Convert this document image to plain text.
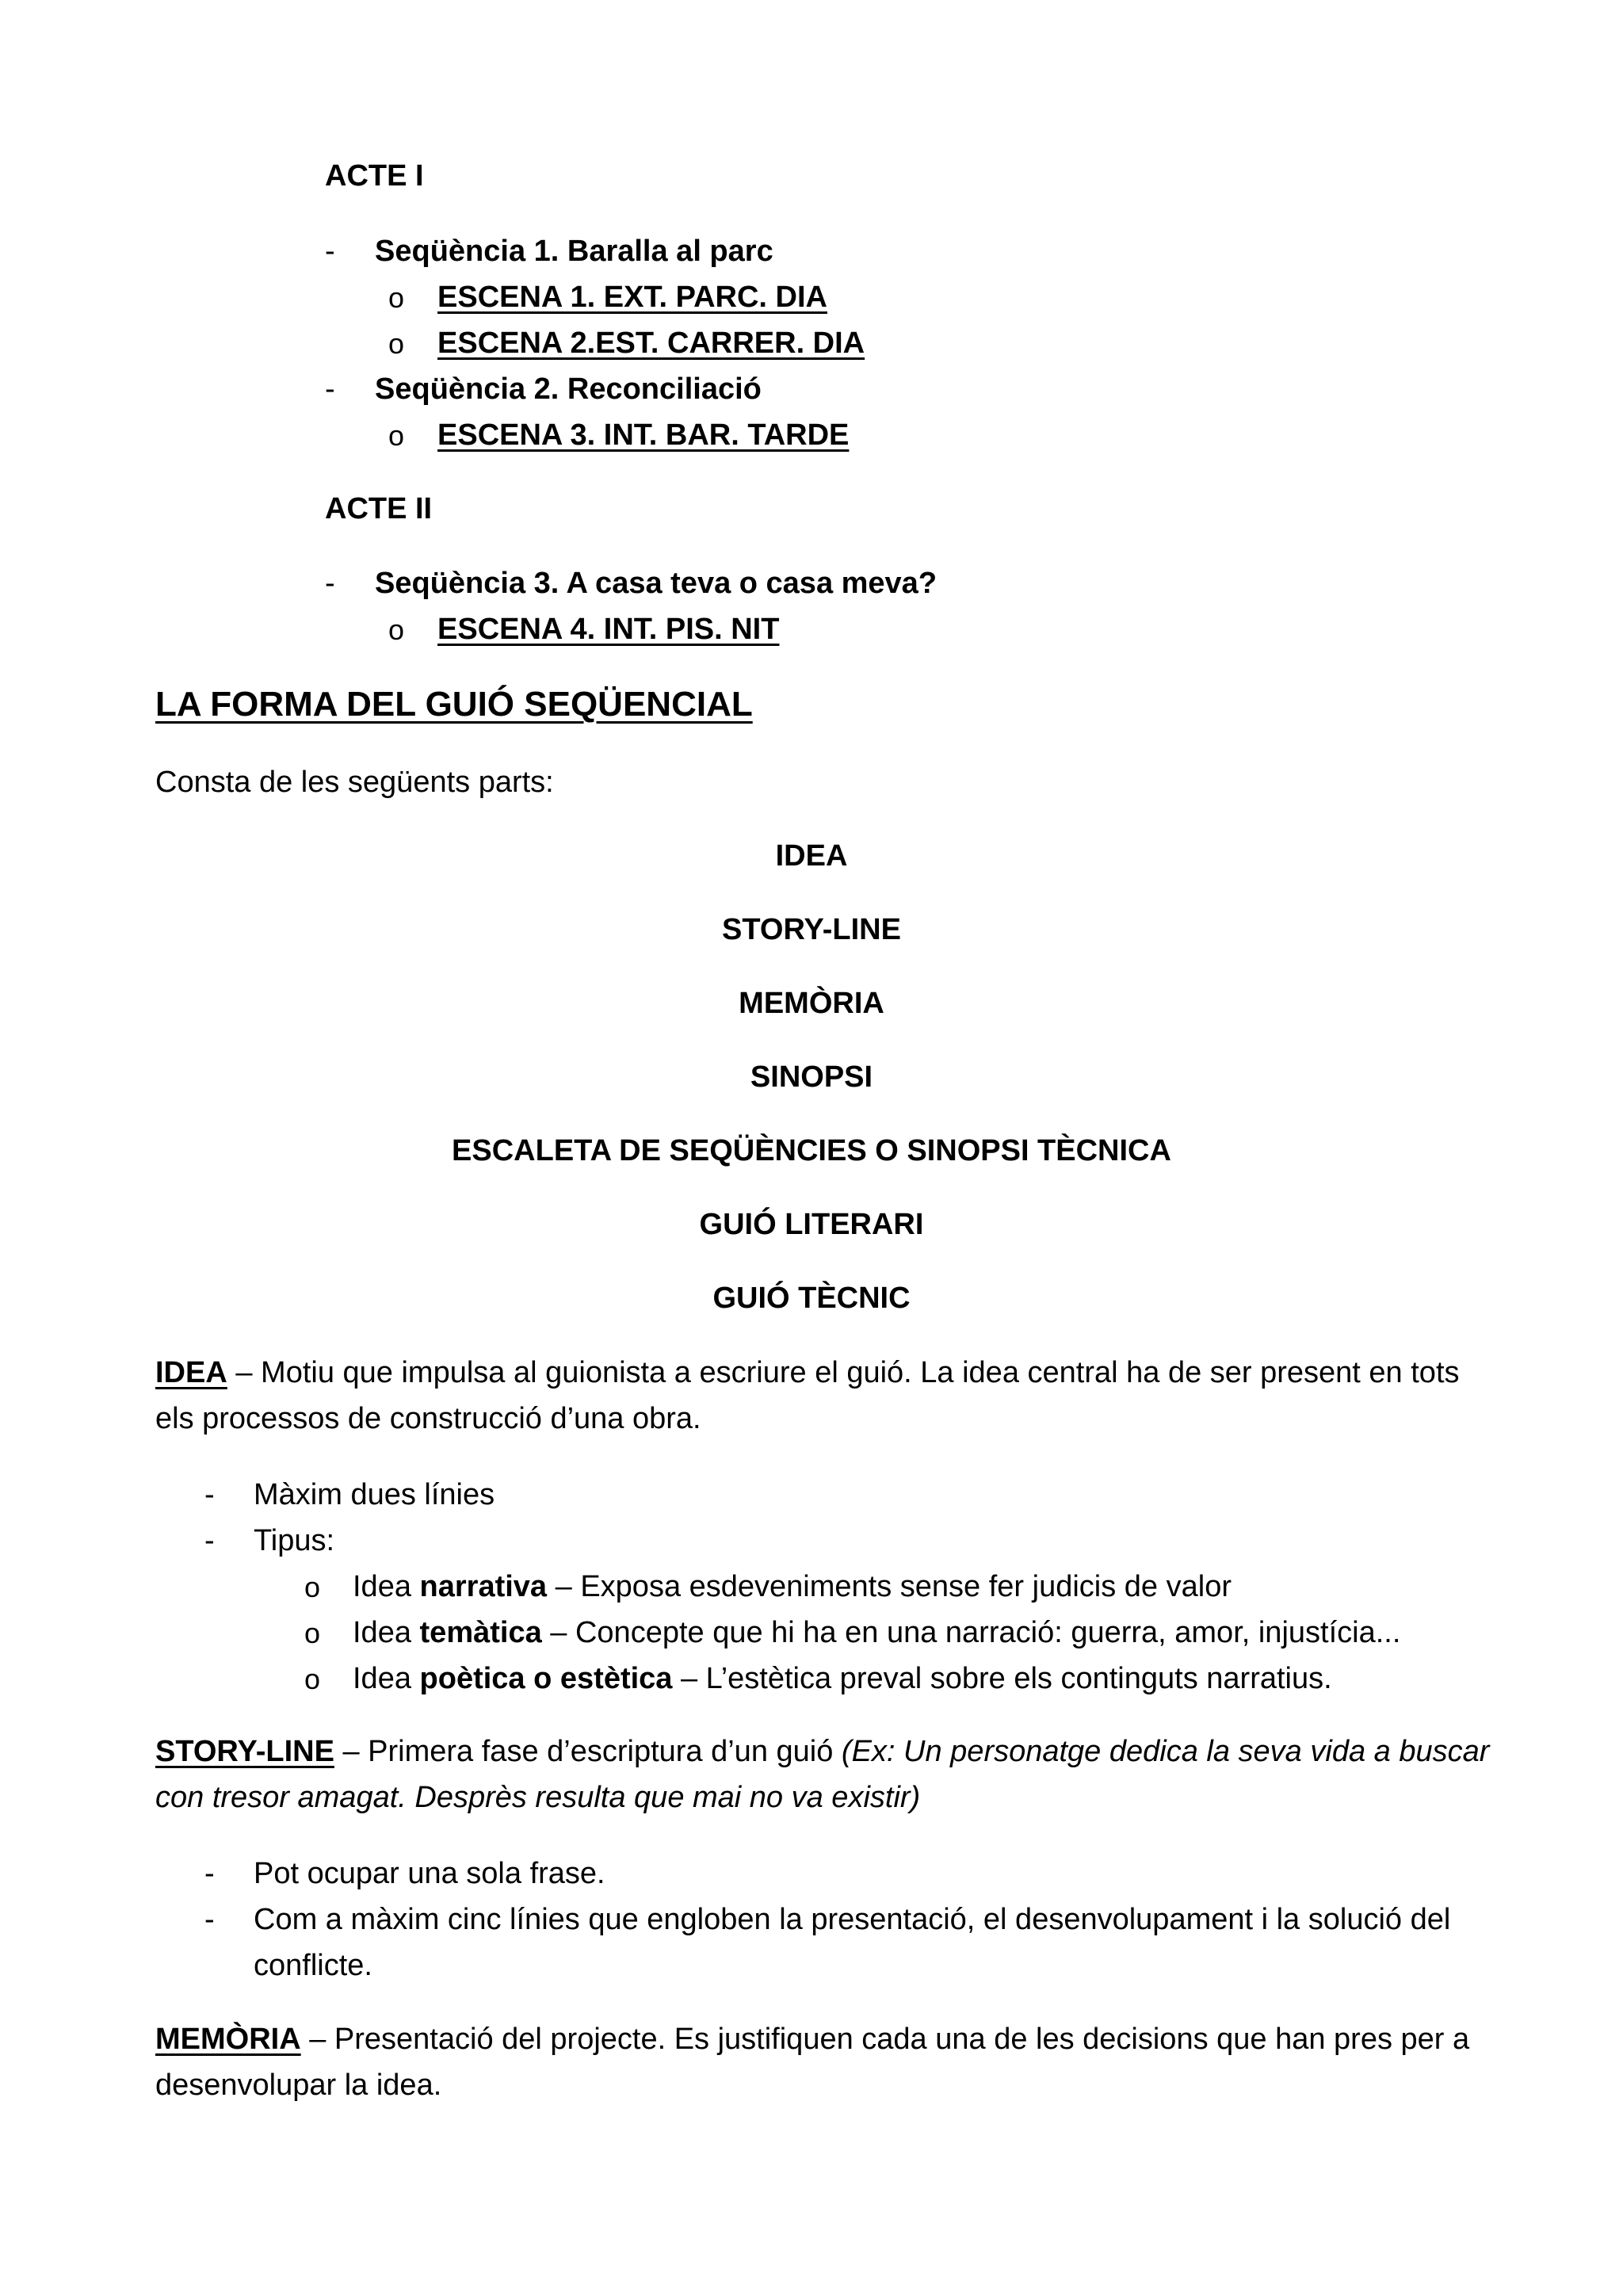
ACTE I
- Seqüència 1. Baralla al parc
o ESCENA 1. EXT. PARC. DIA
o ESCENA 2.EST. CARRER. DIA
- Seqüència 2. Reconciliació
o ESCENA 3. INT. BAR. TARDE
ACTE II
- Seqüència 3. A casa teva o casa meva?
o ESCENA 4. INT. PIS. NIT
LA FORMA DEL GUIÓ SEQÜENCIAL
Consta de les següents parts:
IDEA
STORY-LINE
MEMÒRIA
SINOPSI
ESCALETA DE SEQÜÈNCIES O SINOPSI TÈCNICA
GUIÓ LITERARI
GUIÓ TÈCNIC
IDEA – Motiu que impulsa al guionista a escriure el guió. La idea central ha de ser present en tots
els processos de construcció d’una obra.
- Màxim dues línies
- Tipus:
o Idea narrativa – Exposa esdeveniments sense fer judicis de valor
o Idea temàtica – Concepte que hi ha en una narració: guerra, amor, injustícia...
o Idea poètica o estètica – L’estètica preval sobre els continguts narratius.
STORY-LINE – Primera fase d’escriptura d’un guió (Ex: Un personatge dedica la seva vida a buscar
con tresor amagat. Desprès resulta que mai no va existir)
- Pot ocupar una sola frase.
- Com a màxim cinc línies que engloben la presentació, el desenvolupament i la solució del
conflicte.
MEMÒRIA – Presentació del projecte. Es justifiquen cada una de les decisions que han pres per a
desenvolupar la idea.
